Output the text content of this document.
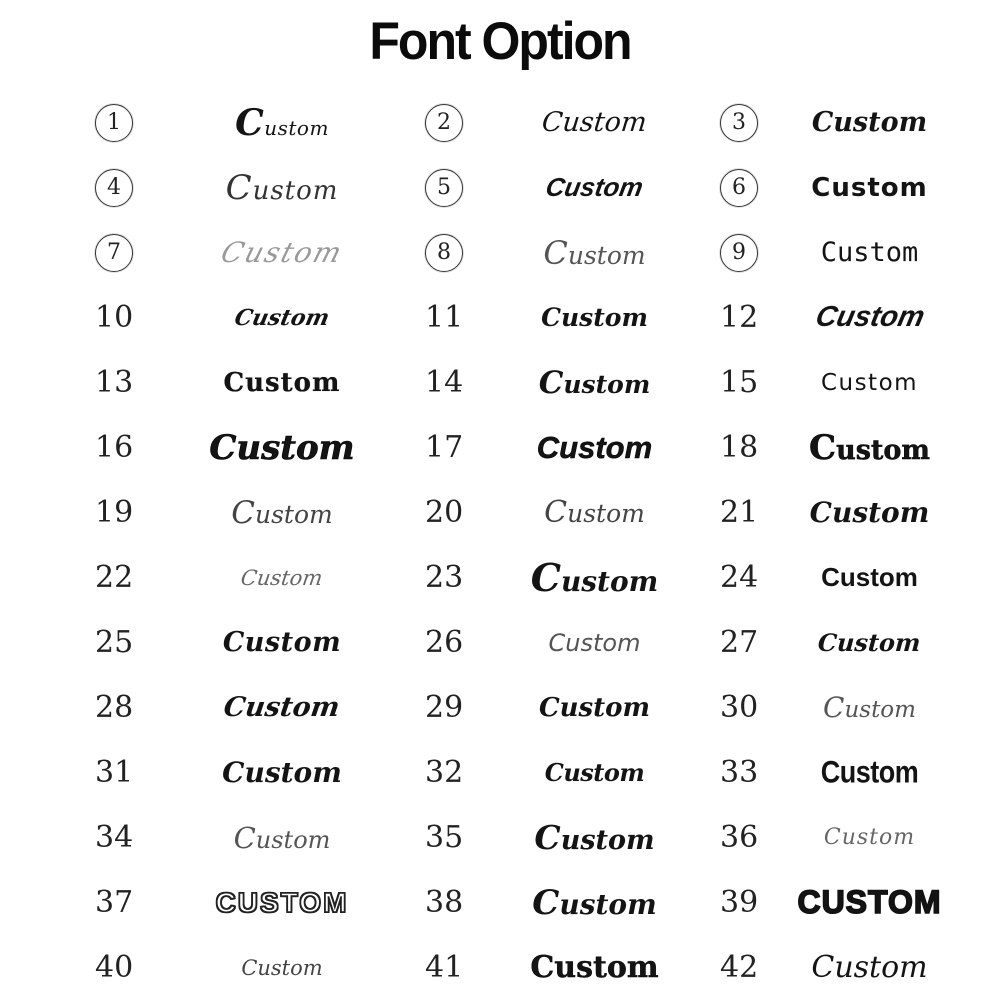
Font Option
1	Custom	2	Custom	3	Custom
4	Custom	5	Custom	6	Custom
7	Custom	8	Custom	9	Custom
10	Custom	11	Custom	12	Custom
13	Custom	14	Custom	15	Custom
16	Custom	17	Custom	18	Custom
19	Custom	20	Custom	21	Custom
22	Custom	23	Custom	24	Custom
25	Custom	26	Custom	27	Custom
28	Custom	29	Custom	30	Custom
31	Custom	32	Custom	33	Custom
34	Custom	35	Custom	36	Custom
37	CUSTOM	38	Custom	39	CUSTOM
40	Custom	41	Custom	42	Custom
